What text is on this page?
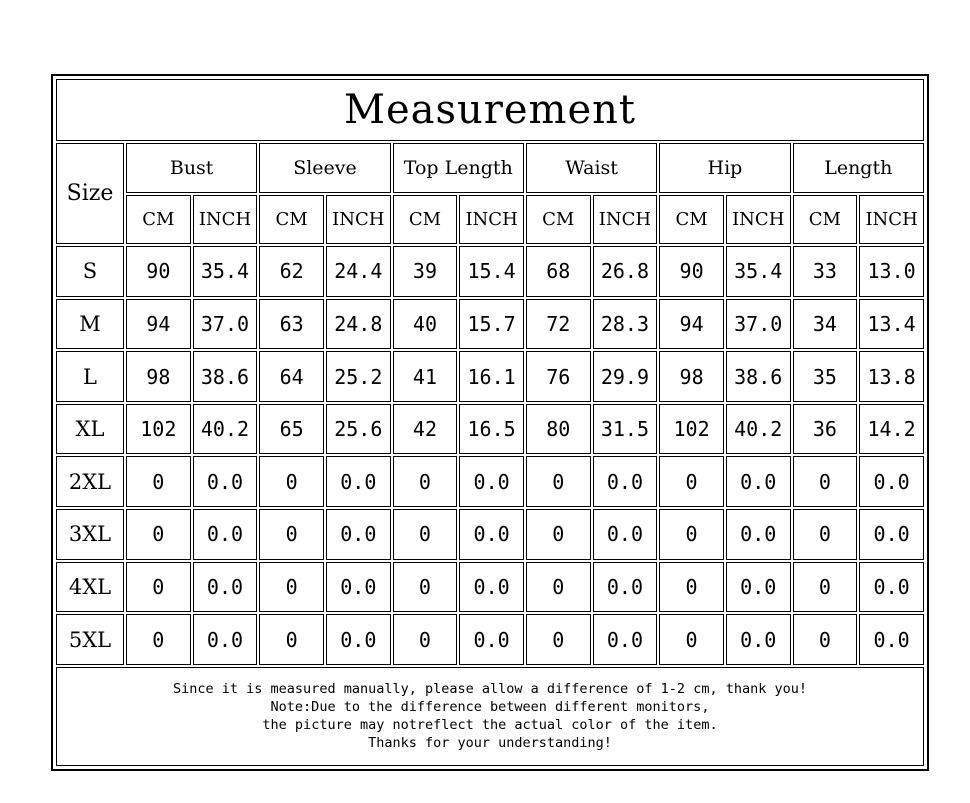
Measurement												
Size	Bust		Sleeve		Top Length		Waist		Hip		Length	
	CM	INCH	CM	INCH	CM	INCH	CM	INCH	CM	INCH	CM	INCH
S	90	35.4	62	24.4	39	15.4	68	26.8	90	35.4	33	13.0
M	94	37.0	63	24.8	40	15.7	72	28.3	94	37.0	34	13.4
L	98	38.6	64	25.2	41	16.1	76	29.9	98	38.6	35	13.8
XL	102	40.2	65	25.6	42	16.5	80	31.5	102	40.2	36	14.2
2XL	0	0.0	0	0.0	0	0.0	0	0.0	0	0.0	0	0.0
3XL	0	0.0	0	0.0	0	0.0	0	0.0	0	0.0	0	0.0
4XL	0	0.0	0	0.0	0	0.0	0	0.0	0	0.0	0	0.0
5XL	0	0.0	0	0.0	0	0.0	0	0.0	0	0.0	0	0.0

Since it is measured manually, please allow a difference of 1-2 cm, thank you!
Note:Due to the difference between different monitors,
the picture may notreflect the actual color of the item.
Thanks for your understanding!												
